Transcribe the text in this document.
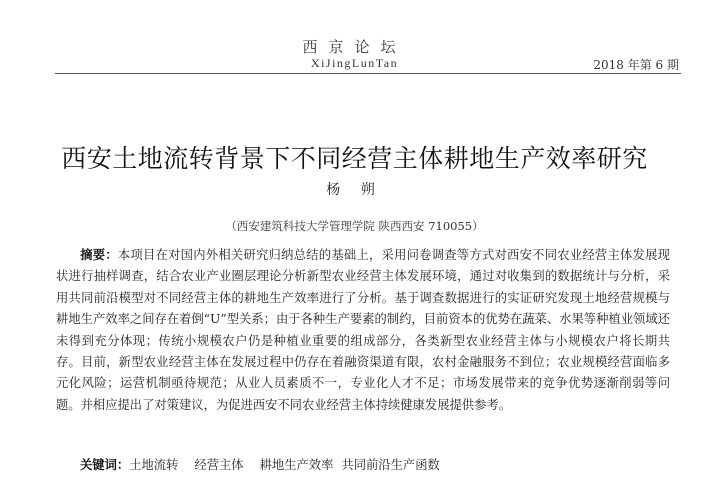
西京论坛
XiJingLunTan	2018 年第 6 期
西安土地流转背景下不同经营主体耕地生产效率研究
杨 朔
（西安建筑科技大学管理学院 陕西西安 710055）

摘要：本项目在对国内外相关研究归纳总结的基础上，采用问卷调查等方式对西安不同农业经营主体发展现状进行抽样调查，结合农业产业圈层理论分析新型农业经营主体发展环境，通过对收集到的数据统计与分析，采用共同前沿模型对不同经营主体的耕地生产效率进行了分析。基于调查数据进行的实证研究发现土地经营规模与耕地生产效率之间存在着倒“U”型关系；由于各种生产要素的制约，目前资本的优势在蔬菜、水果等种植业领域还未得到充分体现；传统小规模农户仍是种植业重要的组成部分，各类新型农业经营主体与小规模农户将长期共存。目前，新型农业经营主体在发展过程中仍存在着融资渠道有限，农村金融服务不到位；农业规模经营面临多元化风险；运营机制亟待规范；从业人员素质不一，专业化人才不足；市场发展带来的竞争优势逐渐削弱等问题。并相应提出了对策建议，为促进西安不同农业经营主体持续健康发展提供参考。

关键词：土地流转 经营主体 耕地生产效率 共同前沿生产函数
